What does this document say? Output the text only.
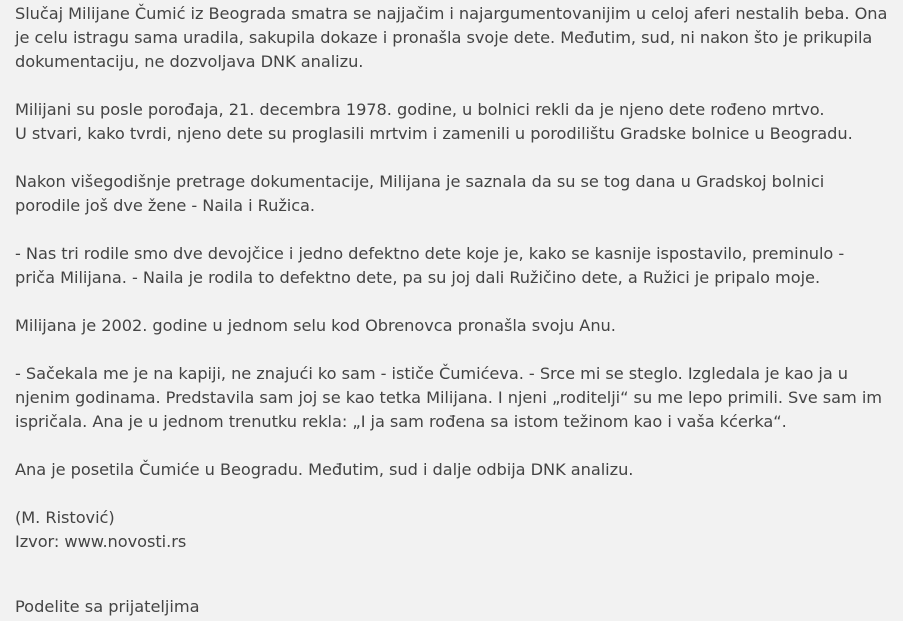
Slučaj Milijane Čumić iz Beograda smatra se najjačim i najargumentovanijim u celoj aferi nestalih beba. Ona
je celu istragu sama uradila, sakupila dokaze i pronašla svoje dete. Međutim, sud, ni nakon što je prikupila
dokumentaciju, ne dozvoljava DNK analizu.

Milijani su posle porođaja, 21. decembra 1978. godine, u bolnici rekli da je njeno dete rođeno mrtvo.
U stvari, kako tvrdi, njeno dete su proglasili mrtvim i zamenili u porodilištu Gradske bolnice u Beogradu.

Nakon višegodišnje pretrage dokumentacije, Milijana je saznala da su se tog dana u Gradskoj bolnici
porodile još dve žene - Naila i Ružica.

- Nas tri rodile smo dve devojčice i jedno defektno dete koje je, kako se kasnije ispostavilo, preminulo -
priča Milijana. - Naila je rodila to defektno dete, pa su joj dali Ružičino dete, a Ružici je pripalo moje.

Milijana je 2002. godine u jednom selu kod Obrenovca pronašla svoju Anu.

- Sačekala me je na kapiji, ne znajući ko sam - ističe Čumićeva. - Srce mi se steglo. Izgledala je kao ja u
njenim godinama. Predstavila sam joj se kao tetka Milijana. I njeni „roditelji“ su me lepo primili. Sve sam im
ispričala. Ana je u jednom trenutku rekla: „I ja sam rođena sa istom težinom kao i vaša kćerka“.

Ana je posetila Čumiće u Beogradu. Međutim, sud i dalje odbija DNK analizu.

(M. Ristović)
Izvor: www.novosti.rs

Podelite sa prijateljima
